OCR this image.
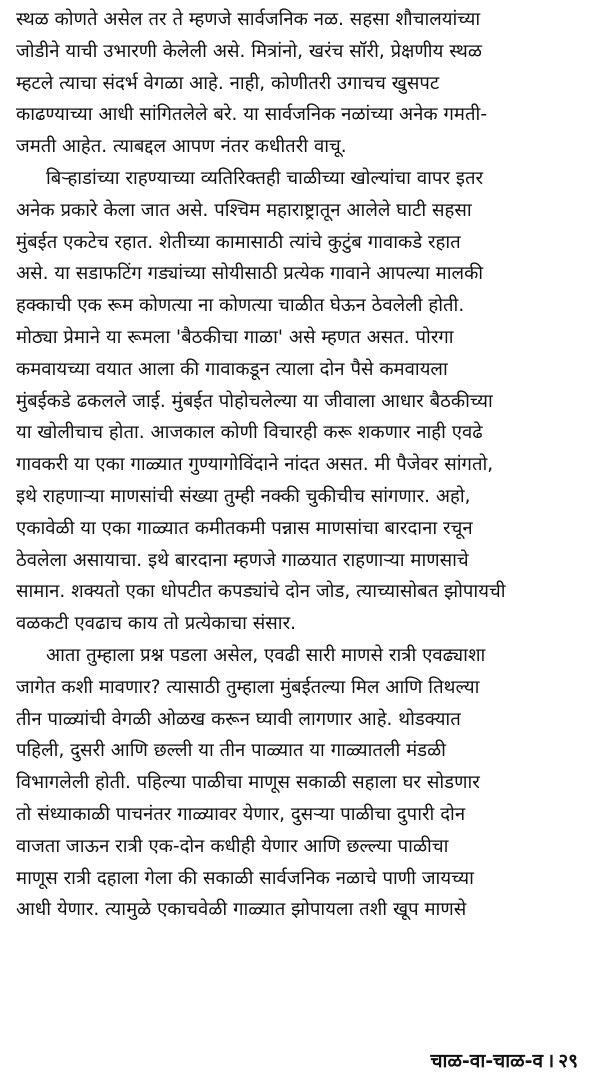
स्थळ कोणते असेल तर ते म्हणजे सार्वजनिक नळ. सहसा शौचालयांच्या
जोडीने याची उभारणी केलेली असे. मित्रांनो, खरंच सॉरी, प्रेक्षणीय स्थळ
म्हटले त्याचा संदर्भ वेगळा आहे. नाही, कोणीतरी उगाचच खुसपट
काढण्याच्या आधी सांगितलेले बरे. या सार्वजनिक नळांच्या अनेक गमती-
जमती आहेत. त्याबद्दल आपण नंतर कधीतरी वाचू.
बिऱ्हाडांच्या राहण्याच्या व्यतिरिक्तही चाळीच्या खोल्यांचा वापर इतर
अनेक प्रकारे केला जात असे. पश्चिम महाराष्ट्रातून आलेले घाटी सहसा
मुंबईत एकटेच रहात. शेतीच्या कामासाठी त्यांचे कुटुंब गावाकडे रहात
असे. या सडाफटिंग गड्यांच्या सोयीसाठी प्रत्येक गावाने आपल्या मालकी
हक्काची एक रूम कोणत्या ना कोणत्या चाळीत घेऊन ठेवलेली होती.
मोठ्या प्रेमाने या रूमला 'बैठकीचा गाळा' असे म्हणत असत. पोरगा
कमवायच्या वयात आला की गावाकडून त्याला दोन पैसे कमवायला
मुंबईकडे ढकलले जाई. मुंबईत पोहोचलेल्या या जीवाला आधार बैठकीच्या
या खोलीचाच होता. आजकाल कोणी विचारही करू शकणार नाही एवढे
गावकरी या एका गाळ्यात गुण्यागोविंदाने नांदत असत. मी पैजेवर सांगतो,
इथे राहणाऱ्या माणसांची संख्या तुम्ही नक्की चुकीचीच सांगणार. अहो,
एकावेळी या एका गाळ्यात कमीतकमी पन्नास माणसांचा बारदाना रचून
ठेवलेला असायाचा. इथे बारदाना म्हणजे गाळयात राहणाऱ्या माणसाचे
सामान. शक्यतो एका धोपटीत कपड्यांचे दोन जोड, त्याच्यासोबत झोपायची
वळकटी एवढाच काय तो प्रत्येकाचा संसार.
आता तुम्हाला प्रश्न पडला असेल, एवढी सारी माणसे रात्री एवढ्याशा
जागेत कशी मावणार? त्यासाठी तुम्हाला मुंबईतल्या मिल आणि तिथल्या
तीन पाळ्यांची वेगळी ओळख करून घ्यावी लागणार आहे. थोडक्यात
पहिली, दुसरी आणि छल्ली या तीन पाळ्यात या गाळ्यातली मंडळी
विभागलेली होती. पहिल्या पाळीचा माणूस सकाळी सहाला घर सोडणार
तो संध्याकाळी पाचनंतर गाळ्यावर येणार, दुसऱ्या पाळीचा दुपारी दोन
वाजता जाऊन रात्री एक-दोन कधीही येणार आणि छल्ल्या पाळीचा
माणूस रात्री दहाला गेला की सकाळी सार्वजनिक नळाचे पाणी जायच्या
आधी येणार. त्यामुळे एकाचवेळी गाळ्यात झोपायला तशी खूप माणसे
चाळ-वा-चाळ-व । २९
